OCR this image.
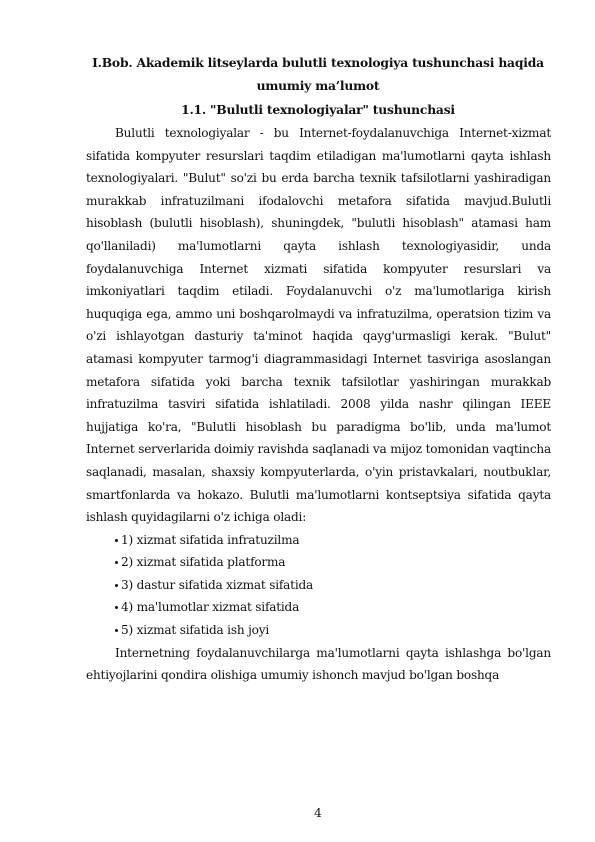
I.Bob. Akademik litseylarda bulutli texnologiya tushunchasi haqida
umumiy ma’lumot
1.1. "Bulutli texnologiyalar" tushunchasi

Bulutli texnologiyalar - bu Internet-foydalanuvchiga Internet-xizmat sifatida kompyuter resurslari taqdim etiladigan ma'lumotlarni qayta ishlash texnologiyalari. "Bulut" so'zi bu erda barcha texnik tafsilotlarni yashiradigan murakkab infratuzilmani ifodalovchi metafora sifatida mavjud.Bulutli hisoblash (bulutli hisoblash), shuningdek, "bulutli hisoblash" atamasi ham qo'llaniladi) ma'lumotlarni qayta ishlash texnologiyasidir, unda foydalanuvchiga Internet xizmati sifatida kompyuter resurslari va imkoniyatlari taqdim etiladi. Foydalanuvchi o'z ma'lumotlariga kirish huquqiga ega, ammo uni boshqarolmaydi va infratuzilma, operatsion tizim va o'zi ishlayotgan dasturiy ta'minot haqida qayg'urmasligi kerak. "Bulut" atamasi kompyuter tarmog'i diagrammasidagi Internet tasviriga asoslangan metafora sifatida yoki barcha texnik tafsilotlar yashiringan murakkab infratuzilma tasviri sifatida ishlatiladi. 2008 yilda nashr qilingan IEEE hujjatiga ko'ra, "Bulutli hisoblash bu paradigma bo'lib, unda ma'lumot Internet serverlarida doimiy ravishda saqlanadi va mijoz tomonidan vaqtincha saqlanadi, masalan, shaxsiy kompyuterlarda, o'yin pristavkalari, noutbuklar, smartfonlarda va hokazo. Bulutli ma'lumotlarni kontseptsiya sifatida qayta ishlash quyidagilarni o'z ichiga oladi:

1) xizmat sifatida infratuzilma
2) xizmat sifatida platforma
3) dastur sifatida xizmat sifatida
4) ma'lumotlar xizmat sifatida
5) xizmat sifatida ish joyi

Internetning foydalanuvchilarga ma'lumotlarni qayta ishlashga bo'lgan ehtiyojlarini qondira olishiga umumiy ishonch mavjud bo'lgan boshqa

4
